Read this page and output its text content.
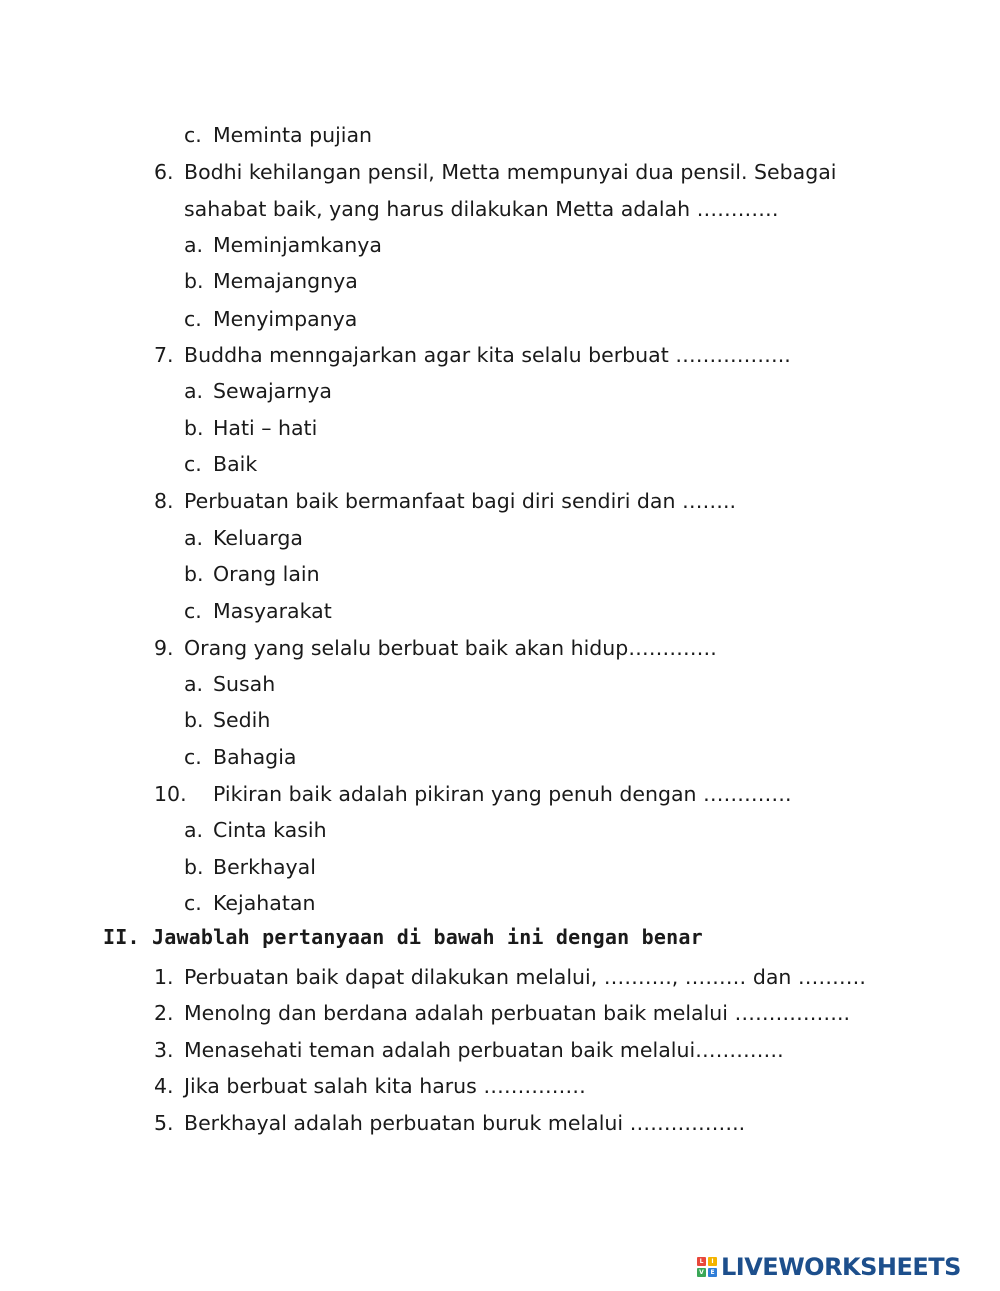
c. Meminta pujian
6. Bodhi kehilangan pensil, Metta mempunyai dua pensil. Sebagai
sahabat baik, yang harus dilakukan Metta adalah …………
a. Meminjamkanya
b. Memajangnya
c. Menyimpanya
7. Buddha menngajarkan agar kita selalu berbuat ……………..
a. Sewajarnya
b. Hati – hati
c. Baik
8. Perbuatan baik bermanfaat bagi diri sendiri dan ……..
a. Keluarga
b. Orang lain
c. Masyarakat
9. Orang yang selalu berbuat baik akan hidup………….
a. Susah
b. Sedih
c. Bahagia
10. Pikiran baik adalah pikiran yang penuh dengan ………….
a. Cinta kasih
b. Berkhayal
c. Kejahatan
II. Jawablah pertanyaan di bawah ini dengan benar
1. Perbuatan baik dapat dilakukan melalui, ………., ……… dan ……….
2. Menolng dan berdana adalah perbuatan baik melalui ……………..
3. Menasehati teman adalah perbuatan baik melalui………….
4. Jika berbuat salah kita harus ……………
5. Berkhayal adalah perbuatan buruk melalui ……………..
L	I
V	E LIVEWORKSHEETS
